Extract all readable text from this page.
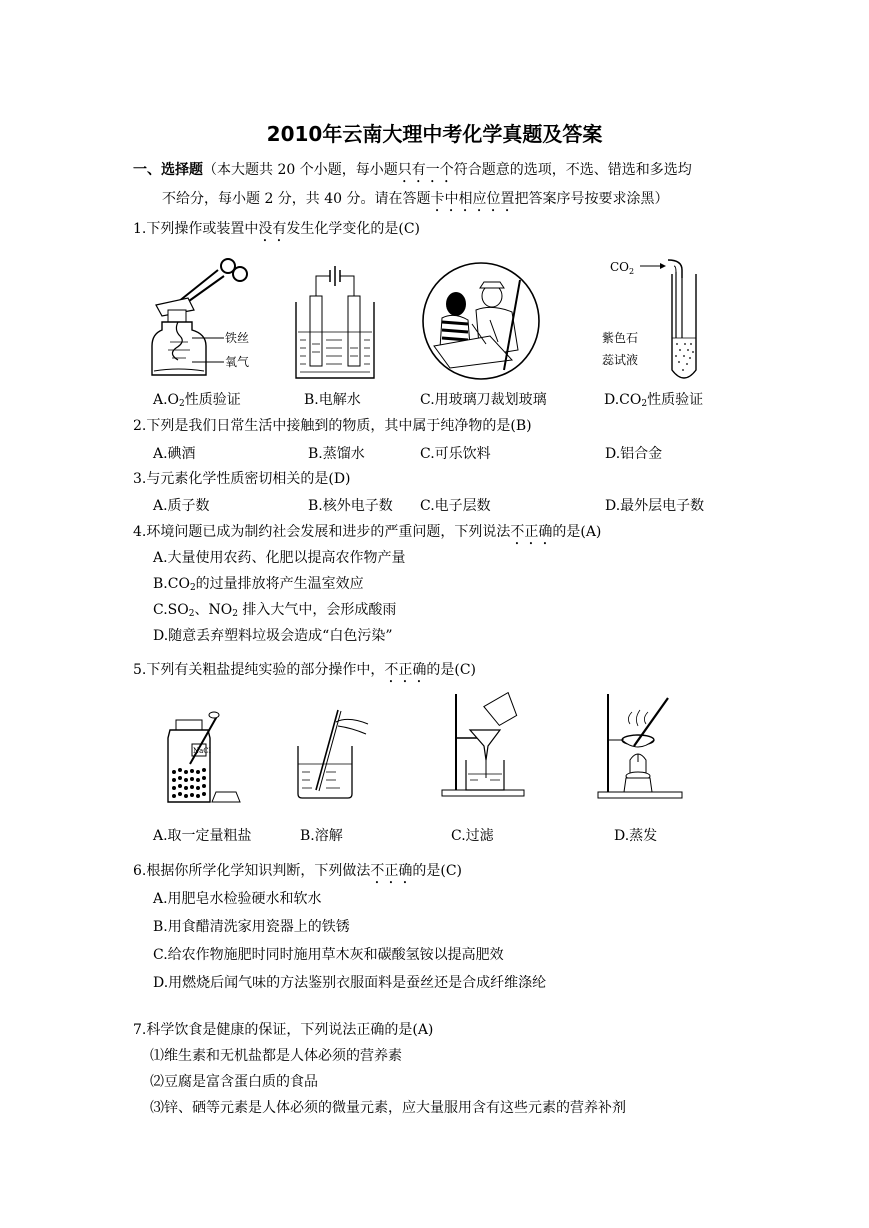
2010年云南大理中考化学真题及答案
一、选择题（本大题共 20 个小题，每小题只有一个符合题意的选项，不选、错选和多选均
不给分，每小题 2 分，共 40 分。请在答题卡中相应位置把答案序号按要求涂黑）
1.下列操作或装置中没有发生化学变化的是(C)
铁丝
氧气
$CO_2$
紫色石
蕊试液
$A.O_2$性质验证	B.电解水	C.用玻璃刀裁划玻璃	$D.CO_2$性质验证
2.下列是我们日常生活中接触到的物质，其中属于纯净物的是(B)
A.碘酒	B.蒸馏水	C.可乐饮料	D.铝合金
3.与元素化学性质密切相关的是(D)
A.质子数	B.核外电子数 C.电子层数	D.最外层电子数
4.环境问题已成为制约社会发展和进步的严重问题，下列说法不正确的是(A)
A.大量使用农药、化肥以提高农作物产量
$B.CO_2$的过量排放将产生温室效应
$C.SO_2$、$NO_2$ 排入大气中，会形成酸雨
D.随意丢弃塑料垃圾会造成“白色污染”
5.下列有关粗盐提纯实验的部分操作中，不正确的是(C)
NaCl
A.取一定量粗盐	B.溶解	C.过滤	D.蒸发
6.根据你所学化学知识判断，下列做法不正确的是(C)
A.用肥皂水检验硬水和软水
B.用食醋清洗家用瓷器上的铁锈
C.给农作物施肥时同时施用草木灰和碳酸氢铵以提高肥效
D.用燃烧后闻气味的方法鉴别衣服面料是蚕丝还是合成纤维涤纶
7.科学饮食是健康的保证，下列说法正确的是(A)
⑴维生素和无机盐都是人体必须的营养素
⑵豆腐是富含蛋白质的食品
⑶锌、硒等元素是人体必须的微量元素，应大量服用含有这些元素的营养补剂
